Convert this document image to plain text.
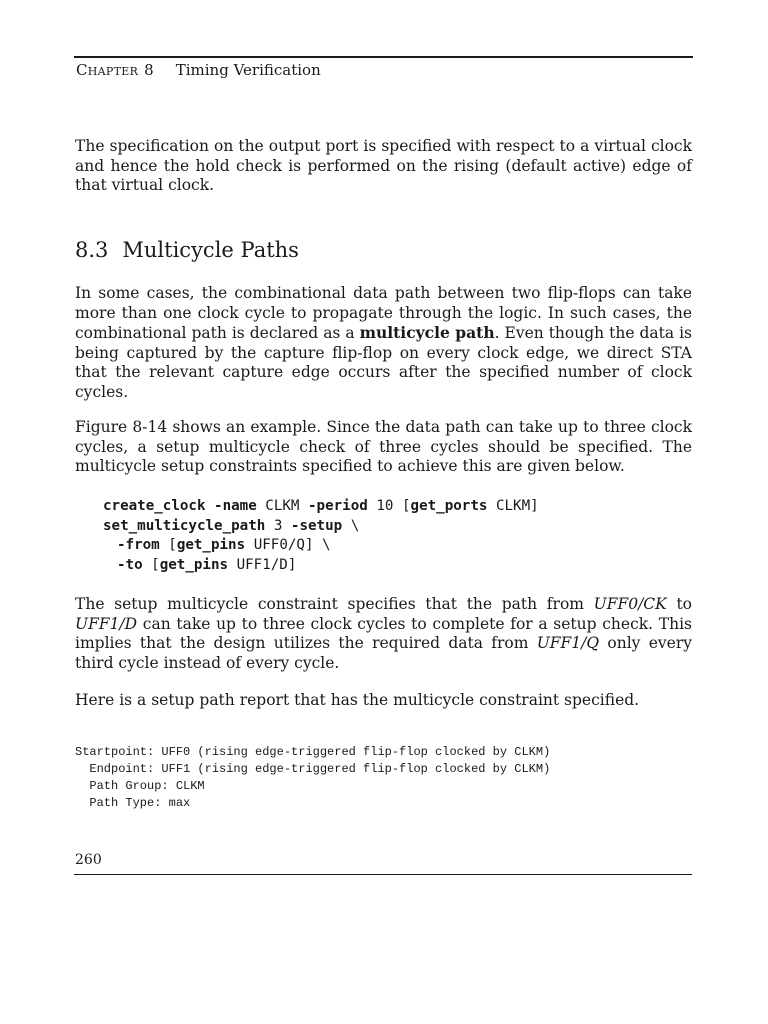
Chapter 8 Timing Verification

The specification on the output port is specified with respect to a virtual clock and hence the hold check is performed on the rising (default active) edge of that virtual clock.

8.3 Multicycle Paths

In some cases, the combinational data path between two flip-flops can take more than one clock cycle to propagate through the logic. In such cases, the combinational path is declared as a multicycle path. Even though the data is being captured by the capture flip-flop on every clock edge, we direct STA that the relevant capture edge occurs after the specified number of clock cycles.

Figure 8-14 shows an example. Since the data path can take up to three clock cycles, a setup multicycle check of three cycles should be specified. The multicycle setup constraints specified to achieve this are given below.

create_clock -name CLKM -period 10 [get_ports CLKM]
set_multicycle_path 3 -setup \
-from [get_pins UFF0/Q] \
-to [get_pins UFF1/D]

The setup multicycle constraint specifies that the path from UFF0/CK to UFF1/D can take up to three clock cycles to complete for a setup check. This implies that the design utilizes the required data from UFF1/Q only every third cycle instead of every cycle.

Here is a setup path report that has the multicycle constraint specified.

Startpoint: UFF0 (rising edge-triggered flip-flop clocked by CLKM)
Endpoint: UFF1 (rising edge-triggered flip-flop clocked by CLKM)
Path Group: CLKM
Path Type: max
260
